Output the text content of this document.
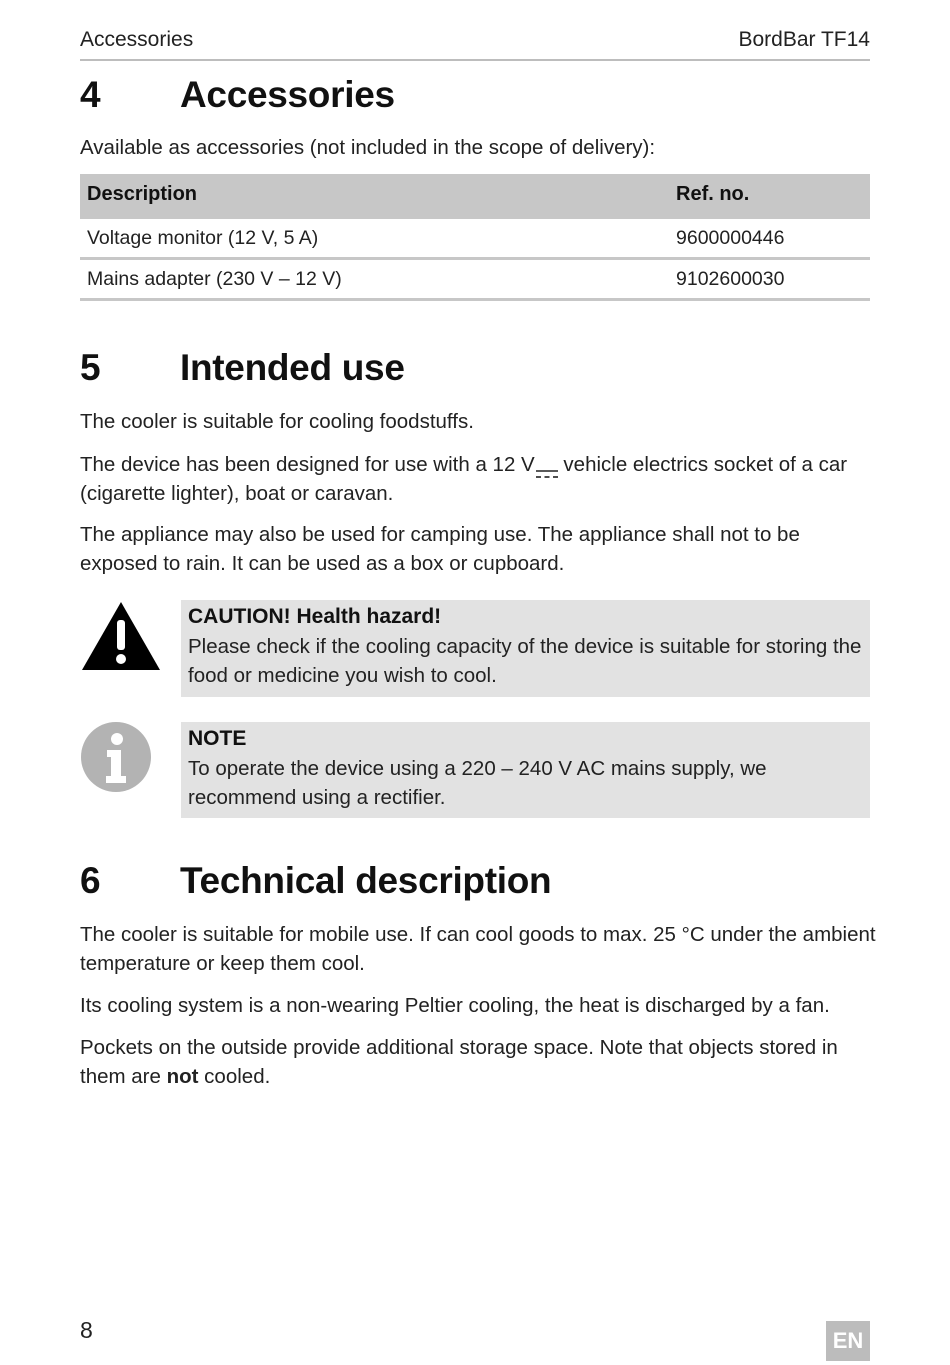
Accessories	BordBar TF14
4 Accessories

Available as accessories (not included in the scope of delivery):

Description	Ref. no.
Voltage monitor (12 V, 5 A)	9600000446
Mains adapter (230 V – 12 V)	9102600030
5 Intended use

The cooler is suitable for cooling foodstuffs.

The device has been designed for use with a 12 V vehicle electrics socket of a car (cigarette lighter), boat or caravan.

The appliance may also be used for camping use. The appliance shall not to be exposed to rain. It can be used as a box or cupboard.

CAUTION! Health hazard!

Please check if the cooling capacity of the device is suitable for storing the food or medicine you wish to cool.

NOTE

To operate the device using a 220 – 240 V AC mains supply, we recommend using a rectifier.

6 Technical description

The cooler is suitable for mobile use. If can cool goods to max. 25 °C under the ambient temperature or keep them cool.

Its cooling system is a non-wearing Peltier cooling, the heat is discharged by a fan.

Pockets on the outside provide additional storage space. Note that objects stored in them are not cooled.

8	EN
